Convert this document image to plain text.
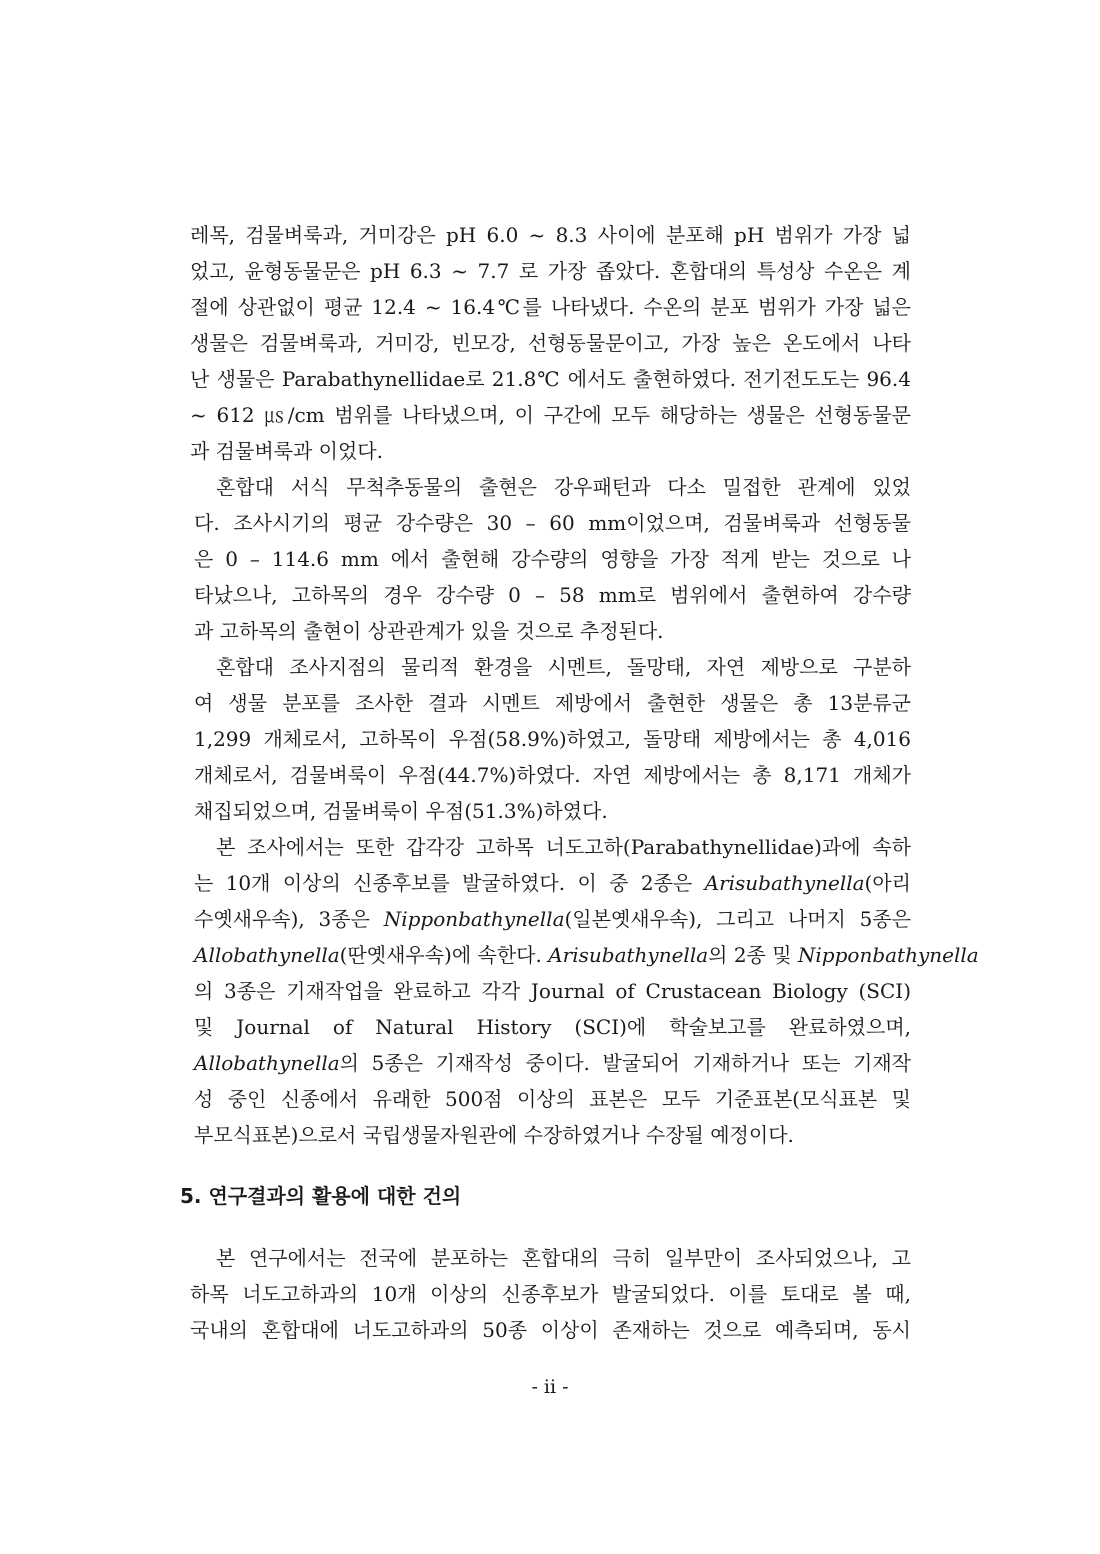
레목, 검물벼룩과, 거미강은 pH 6.0 ~ 8.3 사이에 분포해 pH 범위가 가장 넓
었고, 윤형동물문은 pH 6.3 ~ 7.7 로 가장 좁았다. 혼합대의 특성상 수온은 계
절에 상관없이 평균 12.4 ~ 16.4℃를 나타냈다. 수온의 분포 범위가 가장 넓은
생물은 검물벼룩과, 거미강, 빈모강, 선형동물문이고, 가장 높은 온도에서 나타
난 생물은 Parabathynellidae로 21.8℃ 에서도 출현하였다. 전기전도도는 96.4
~ 612 ㎲/cm 범위를 나타냈으며, 이 구간에 모두 해당하는 생물은 선형동물문
과 검물벼룩과 이었다.
혼합대 서식 무척추동물의 출현은 강우패턴과 다소 밀접한 관계에 있었
다. 조사시기의 평균 강수량은 30 – 60 mm이었으며, 검물벼룩과 선형동물
은 0 – 114.6 mm 에서 출현해 강수량의 영향을 가장 적게 받는 것으로 나
타났으나, 고하목의 경우 강수량 0 – 58 mm로 범위에서 출현하여 강수량
과 고하목의 출현이 상관관계가 있을 것으로 추정된다.
혼합대 조사지점의 물리적 환경을 시멘트, 돌망태, 자연 제방으로 구분하
여 생물 분포를 조사한 결과 시멘트 제방에서 출현한 생물은 총 13분류군
1,299 개체로서, 고하목이 우점(58.9%)하였고, 돌망태 제방에서는 총 4,016
개체로서, 검물벼룩이 우점(44.7%)하였다. 자연 제방에서는 총 8,171 개체가
채집되었으며, 검물벼룩이 우점(51.3%)하였다.
본 조사에서는 또한 갑각강 고하목 너도고하(Parabathynellidae)과에 속하
는 10개 이상의 신종후보를 발굴하였다. 이 중 2종은 Arisubathynella(아리
수옛새우속), 3종은 Nipponbathynella(일본옛새우속), 그리고 나머지 5종은
Allobathynella(딴옛새우속)에 속한다. Arisubathynella의 2종 및 Nipponbathynella
의 3종은 기재작업을 완료하고 각각 Journal of Crustacean Biology (SCI)
및 Journal of Natural History (SCI)에 학술보고를 완료하였으며,
Allobathynella의 5종은 기재작성 중이다. 발굴되어 기재하거나 또는 기재작
성 중인 신종에서 유래한 500점 이상의 표본은 모두 기준표본(모식표본 및
부모식표본)으로서 국립생물자원관에 수장하였거나 수장될 예정이다.
5. 연구결과의 활용에 대한 건의
본 연구에서는 전국에 분포하는 혼합대의 극히 일부만이 조사되었으나, 고
하목 너도고하과의 10개 이상의 신종후보가 발굴되었다. 이를 토대로 볼 때,
국내의 혼합대에 너도고하과의 50종 이상이 존재하는 것으로 예측되며, 동시
- ii -
